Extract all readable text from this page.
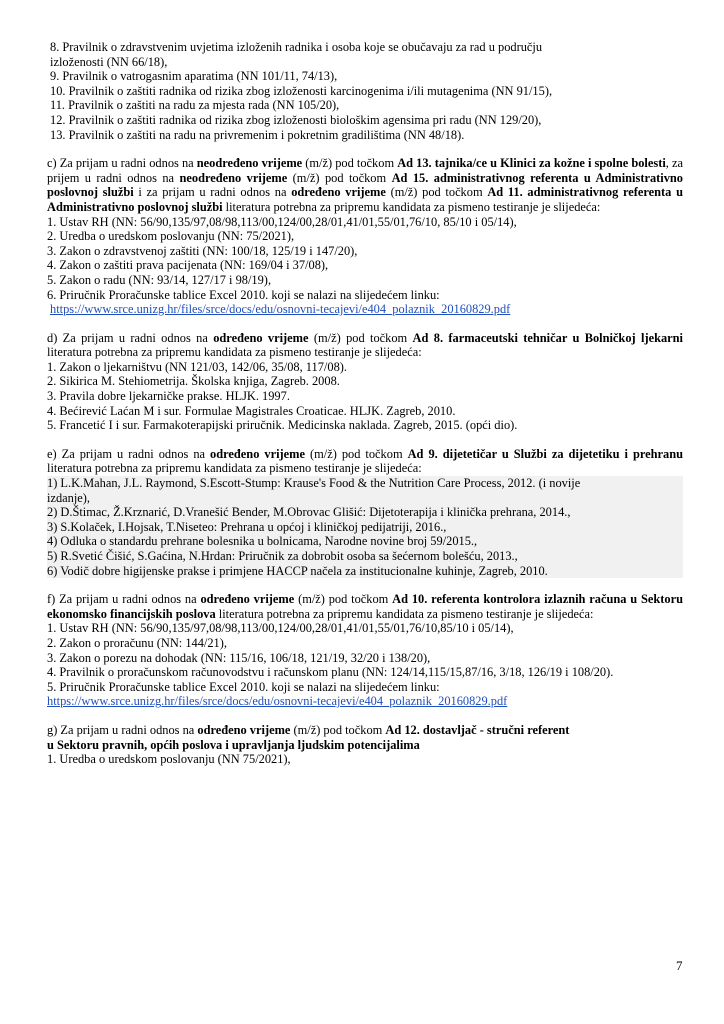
8. Pravilnik o zdravstvenim uvjetima izloženih radnika i osoba koje se obučavaju za rad u području
izloženosti (NN 66/18),
9. Pravilnik o vatrogasnim aparatima (NN 101/11, 74/13),
10. Pravilnik o zaštiti radnika od rizika zbog izloženosti karcinogenima i/ili mutagenima (NN 91/15),
11. Pravilnik o zaštiti na radu za mjesta rada (NN 105/20),
12. Pravilnik o zaštiti radnika od rizika zbog izloženosti biološkim agensima pri radu (NN 129/20),
13. Pravilnik o zaštiti na radu na privremenim i pokretnim gradilištima (NN 48/18).
c) Za prijam u radni odnos na neodređeno vrijeme (m/ž) pod točkom Ad 13. tajnika/ce u Klinici za kožne i spolne bolesti, za prijem u radni odnos na neodređeno vrijeme (m/ž) pod točkom Ad 15. administrativnog referenta u Administrativno poslovnoj službi i za prijam u radni odnos na određeno vrijeme (m/ž) pod točkom Ad 11. administrativnog referenta u Administrativno poslovnoj službi literatura potrebna za pripremu kandidata za pismeno testiranje je slijedeća:
1. Ustav RH (NN: 56/90,135/97,08/98,113/00,124/00,28/01,41/01,55/01,76/10, 85/10 i 05/14),
2. Uredba o uredskom poslovanju (NN: 75/2021),
3. Zakon o zdravstvenoj zaštiti (NN: 100/18, 125/19 i 147/20),
4. Zakon o zaštiti prava pacijenata (NN: 169/04 i 37/08),
5. Zakon o radu (NN: 93/14, 127/17 i 98/19),
6. Priručnik Proračunske tablice Excel 2010. koji se nalazi na slijedećem linku:
https://www.srce.unizg.hr/files/srce/docs/edu/osnovni-tecajevi/e404_polaznik_20160829.pdf
d) Za prijam u radni odnos na određeno vrijeme (m/ž) pod točkom Ad 8. farmaceutski tehničar u Bolničkoj ljekarni literatura potrebna za pripremu kandidata za pismeno testiranje je slijedeća:
1. Zakon o ljekarništvu (NN 121/03, 142/06, 35/08, 117/08).
2. Sikirica M. Stehiometrija. Školska knjiga, Zagreb. 2008.
3. Pravila dobre ljekarničke prakse. HLJK. 1997.
4. Bećirević Laćan M i sur. Formulae Magistrales Croaticae. HLJK. Zagreb, 2010.
5. Francetić I i sur. Farmakoterapijski priručnik. Medicinska naklada. Zagreb, 2015. (opći dio).
e) Za prijam u radni odnos na određeno vrijeme (m/ž) pod točkom Ad 9. dijetetičar u Službi za dijetetiku i prehranu literatura potrebna za pripremu kandidata za pismeno testiranje je slijedeća:
1) L.K.Mahan, J.L. Raymond, S.Escott-Stump: Krause's Food & the Nutrition Care Process, 2012. (i novije
izdanje),
2) D.Štimac, Ž.Krznarić, D.Vranešić Bender, M.Obrovac Glišić: Dijetoterapija i klinička prehrana, 2014.,
3) S.Kolaček, I.Hojsak, T.Niseteo: Prehrana u općoj i kliničkoj pedijatriji, 2016.,
4) Odluka o standardu prehrane bolesnika u bolnicama, Narodne novine broj 59/2015.,
5) R.Svetić Čišić, S.Gaćina, N.Hrdan: Priručnik za dobrobit osoba sa šećernom bolešću, 2013.,
6) Vodič dobre higijenske prakse i primjene HACCP načela za institucionalne kuhinje, Zagreb, 2010.
f) Za prijam u radni odnos na određeno vrijeme (m/ž) pod točkom Ad 10. referenta kontrolora izlaznih računa u Sektoru ekonomsko financijskih poslova literatura potrebna za pripremu kandidata za pismeno testiranje je slijedeća:
1. Ustav RH (NN: 56/90,135/97,08/98,113/00,124/00,28/01,41/01,55/01,76/10,85/10 i 05/14),
2. Zakon o proračunu (NN: 144/21),
3. Zakon o porezu na dohodak (NN: 115/16, 106/18, 121/19, 32/20 i 138/20),
4. Pravilnik o proračunskom računovodstvu i računskom planu (NN: 124/14,115/15,87/16, 3/18, 126/19 i 108/20).
5. Priručnik Proračunske tablice Excel 2010. koji se nalazi na slijedećem linku:
https://www.srce.unizg.hr/files/srce/docs/edu/osnovni-tecajevi/e404_polaznik_20160829.pdf
g) Za prijam u radni odnos na određeno vrijeme (m/ž) pod točkom Ad 12. dostavljač - stručni referent
u Sektoru pravnih, općih poslova i upravljanja ljudskim potencijalima
1. Uredba o uredskom poslovanju (NN 75/2021),
7
